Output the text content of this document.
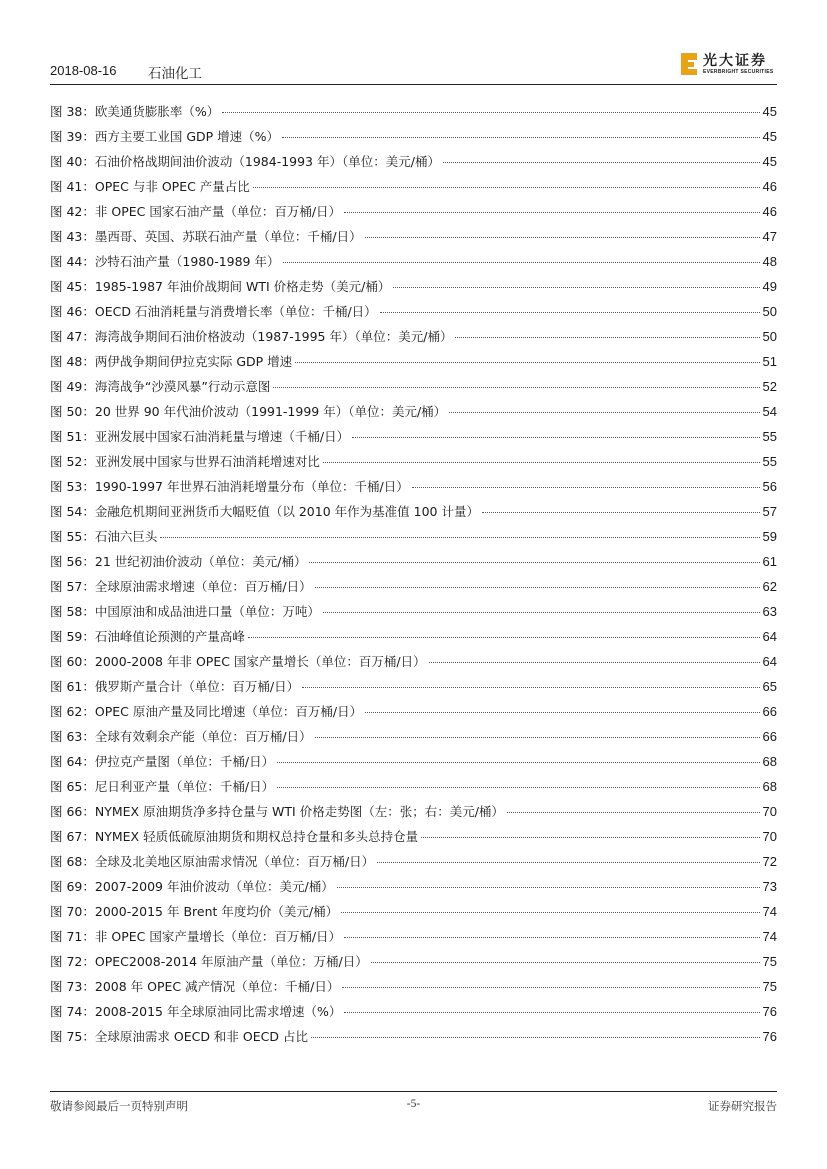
2018-08-16 石油化工
光大证券
EVERBRIGHT SECURITIES
图 38：欧美通货膨胀率（%）	45
图 39：西方主要工业国 GDP 增速（%）	45
图 40：石油价格战期间油价波动（1984-1993 年）（单位：美元/桶）	45
图 41：OPEC 与非 OPEC 产量占比	46
图 42：非 OPEC 国家石油产量（单位：百万桶/日）	46
图 43：墨西哥、英国、苏联石油产量（单位：千桶/日）	47
图 44：沙特石油产量（1980-1989 年）	48
图 45：1985-1987 年油价战期间 WTI 价格走势（美元/桶）	49
图 46：OECD 石油消耗量与消费增长率（单位：千桶/日）	50
图 47：海湾战争期间石油价格波动（1987-1995 年）（单位：美元/桶）	50
图 48：两伊战争期间伊拉克实际 GDP 增速	51
图 49：海湾战争“沙漠风暴”行动示意图	52
图 50：20 世界 90 年代油价波动（1991-1999 年）（单位：美元/桶）	54
图 51：亚洲发展中国家石油消耗量与增速（千桶/日）	55
图 52：亚洲发展中国家与世界石油消耗增速对比	55
图 53：1990-1997 年世界石油消耗增量分布（单位：千桶/日）	56
图 54：金融危机期间亚洲货币大幅贬值（以 2010 年作为基准值 100 计量）	57
图 55：石油六巨头	59
图 56：21 世纪初油价波动（单位：美元/桶）	61
图 57：全球原油需求增速（单位：百万桶/日）	62
图 58：中国原油和成品油进口量（单位：万吨）	63
图 59：石油峰值论预测的产量高峰	64
图 60：2000-2008 年非 OPEC 国家产量增长（单位：百万桶/日）	64
图 61：俄罗斯产量合计（单位：百万桶/日）	65
图 62：OPEC 原油产量及同比增速（单位：百万桶/日）	66
图 63：全球有效剩余产能（单位：百万桶/日）	66
图 64：伊拉克产量图（单位：千桶/日）	68
图 65：尼日利亚产量（单位：千桶/日）	68
图 66：NYMEX 原油期货净多持仓量与 WTI 价格走势图（左：张；右：美元/桶）	70
图 67：NYMEX 轻质低硫原油期货和期权总持仓量和多头总持仓量	70
图 68：全球及北美地区原油需求情况（单位：百万桶/日）	72
图 69：2007-2009 年油价波动（单位：美元/桶）	73
图 70：2000-2015 年 Brent 年度均价（美元/桶）	74
图 71：非 OPEC 国家产量增长（单位：百万桶/日）	74
图 72：OPEC2008-2014 年原油产量（单位：万桶/日）	75
图 73：2008 年 OPEC 减产情况（单位：千桶/日）	75
图 74：2008-2015 年全球原油同比需求增速（%）	76
图 75：全球原油需求 OECD 和非 OECD 占比	76
敬请参阅最后一页特别声明	-5-	证券研究报告
